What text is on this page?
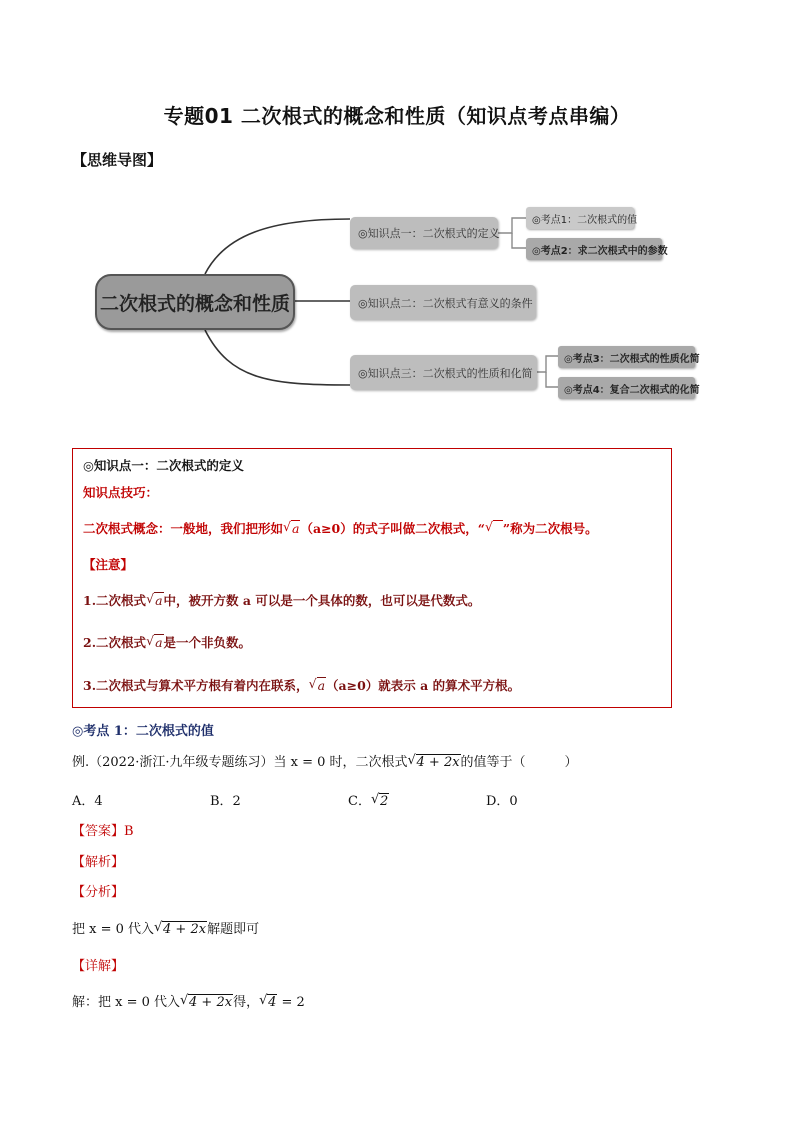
专题01 二次根式的概念和性质（知识点考点串编）
【思维导图】
二次根式的概念和性质
◎知识点一：二次根式的定义
◎知识点二：二次根式有意义的条件
◎知识点三：二次根式的性质和化简
◎考点1：二次根式的值
◎考点2：求二次根式中的参数
◎考点3：二次根式的性质化简
◎考点4：复合二次根式的化简
◎知识点一：二次根式的定义
知识点技巧：
二次根式概念：一般地，我们把形如 √ a（a≥0）的式子叫做二次根式，“ √ ”称为二次根号。
【注意】
1.二次根式 √ a中，被开方数 a 可以是一个具体的数，也可以是代数式。
2.二次根式 √ a是一个非负数。
3.二次根式与算术平方根有着内在联系， √ a（a≥0）就表示 a 的算术平方根。
◎考点 1：二次根式的值
例.（2022·浙江·九年级专题练习）当 x = 0 时，二次根式 √ 4 + 2x的值等于（　　　）
A．4	B．2	C． √ 2	D．0
【答案】B
【解析】
【分析】
把 x = 0 代入 √ 4 + 2x解题即可
【详解】
解：把 x = 0 代入 √ 4 + 2x得， √ 4 = 2
